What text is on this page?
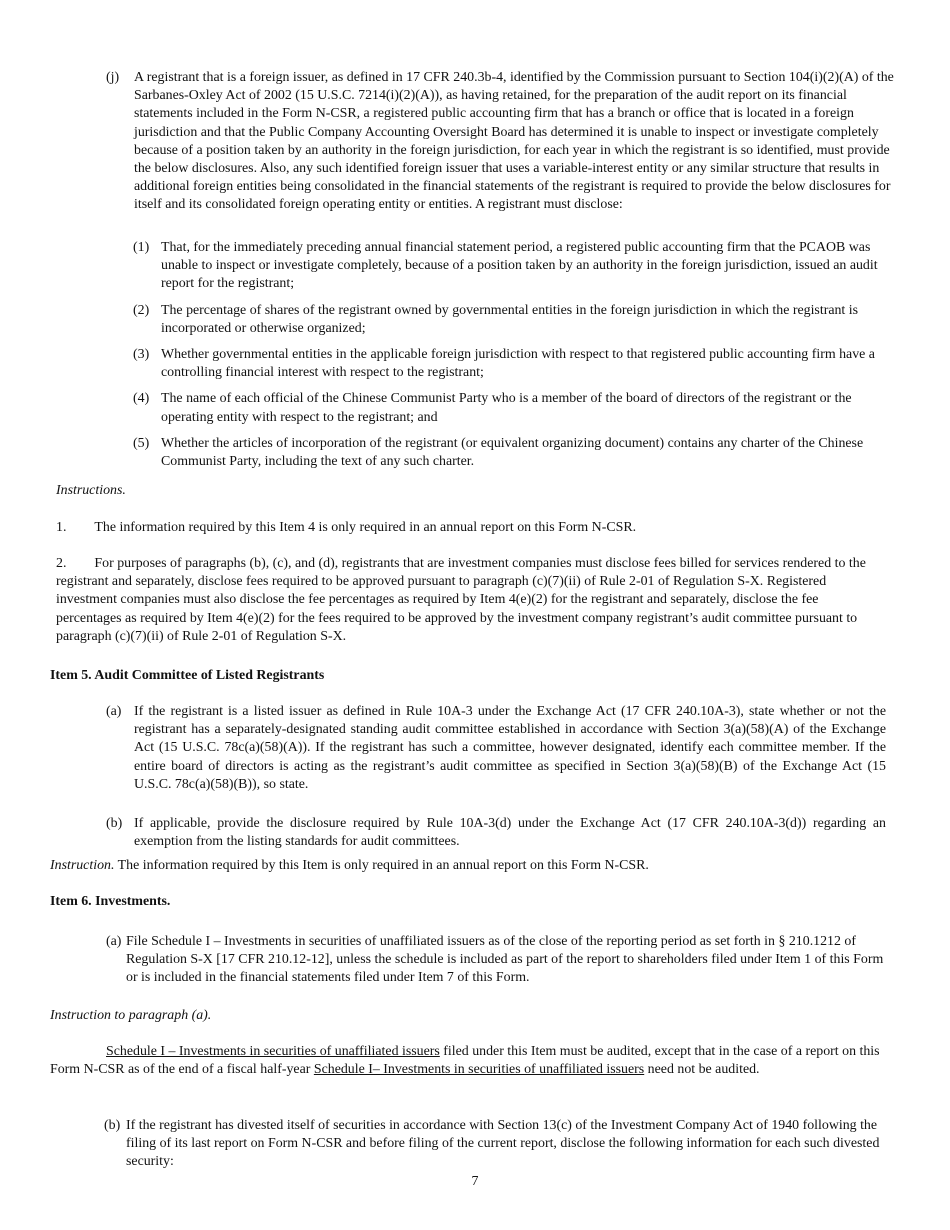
(j) A registrant that is a foreign issuer, as defined in 17 CFR 240.3b-4, identified by the Commission pursuant to Section 104(i)(2)(A) of the Sarbanes-Oxley Act of 2002 (15 U.S.C. 7214(i)(2)(A)), as having retained, for the preparation of the audit report on its financial statements included in the Form N-CSR, a registered public accounting firm that has a branch or office that is located in a foreign jurisdiction and that the Public Company Accounting Oversight Board has determined it is unable to inspect or investigate completely because of a position taken by an authority in the foreign jurisdiction, for each year in which the registrant is so identified, must provide the below disclosures. Also, any such identified foreign issuer that uses a variable-interest entity or any similar structure that results in additional foreign entities being consolidated in the financial statements of the registrant is required to provide the below disclosures for itself and its consolidated foreign operating entity or entities. A registrant must disclose:
(1) That, for the immediately preceding annual financial statement period, a registered public accounting firm that the PCAOB was unable to inspect or investigate completely, because of a position taken by an authority in the foreign jurisdiction, issued an audit report for the registrant;
(2) The percentage of shares of the registrant owned by governmental entities in the foreign jurisdiction in which the registrant is incorporated or otherwise organized;
(3) Whether governmental entities in the applicable foreign jurisdiction with respect to that registered public accounting firm have a controlling financial interest with respect to the registrant;
(4) The name of each official of the Chinese Communist Party who is a member of the board of directors of the registrant or the operating entity with respect to the registrant; and
(5) Whether the articles of incorporation of the registrant (or equivalent organizing document) contains any charter of the Chinese Communist Party, including the text of any such charter.
Instructions.
1. The information required by this Item 4 is only required in an annual report on this Form N-CSR.
2. For purposes of paragraphs (b), (c), and (d), registrants that are investment companies must disclose fees billed for services rendered to the registrant and separately, disclose fees required to be approved pursuant to paragraph (c)(7)(ii) of Rule 2-01 of Regulation S-X. Registered investment companies must also disclose the fee percentages as required by Item 4(e)(2) for the registrant and separately, disclose the fee percentages as required by Item 4(e)(2) for the fees required to be approved by the investment company registrant’s audit committee pursuant to paragraph (c)(7)(ii) of Rule 2-01 of Regulation S-X.
Item 5. Audit Committee of Listed Registrants
(a) If the registrant is a listed issuer as defined in Rule 10A-3 under the Exchange Act (17 CFR 240.10A-3), state whether or not the registrant has a separately-designated standing audit committee established in accordance with Section 3(a)(58)(A) of the Exchange Act (15 U.S.C. 78c(a)(58)(A)). If the registrant has such a committee, however designated, identify each committee member. If the entire board of directors is acting as the registrant’s audit committee as specified in Section 3(a)(58)(B) of the Exchange Act (15 U.S.C. 78c(a)(58)(B)), so state.
(b) If applicable, provide the disclosure required by Rule 10A-3(d) under the Exchange Act (17 CFR 240.10A-3(d)) regarding an exemption from the listing standards for audit committees.
Instruction. The information required by this Item is only required in an annual report on this Form N-CSR.
Item 6. Investments.
(a) File Schedule I – Investments in securities of unaffiliated issuers as of the close of the reporting period as set forth in § 210.1212 of Regulation S-X [17 CFR 210.12-12], unless the schedule is included as part of the report to shareholders filed under Item 1 of this Form or is included in the financial statements filed under Item 7 of this Form.
Instruction to paragraph (a).
Schedule I – Investments in securities of unaffiliated issuers filed under this Item must be audited, except that in the case of a report on this Form N-CSR as of the end of a fiscal half-year Schedule I– Investments in securities of unaffiliated issuers need not be audited.
(b) If the registrant has divested itself of securities in accordance with Section 13(c) of the Investment Company Act of 1940 following the filing of its last report on Form N-CSR and before filing of the current report, disclose the following information for each such divested security:
7
